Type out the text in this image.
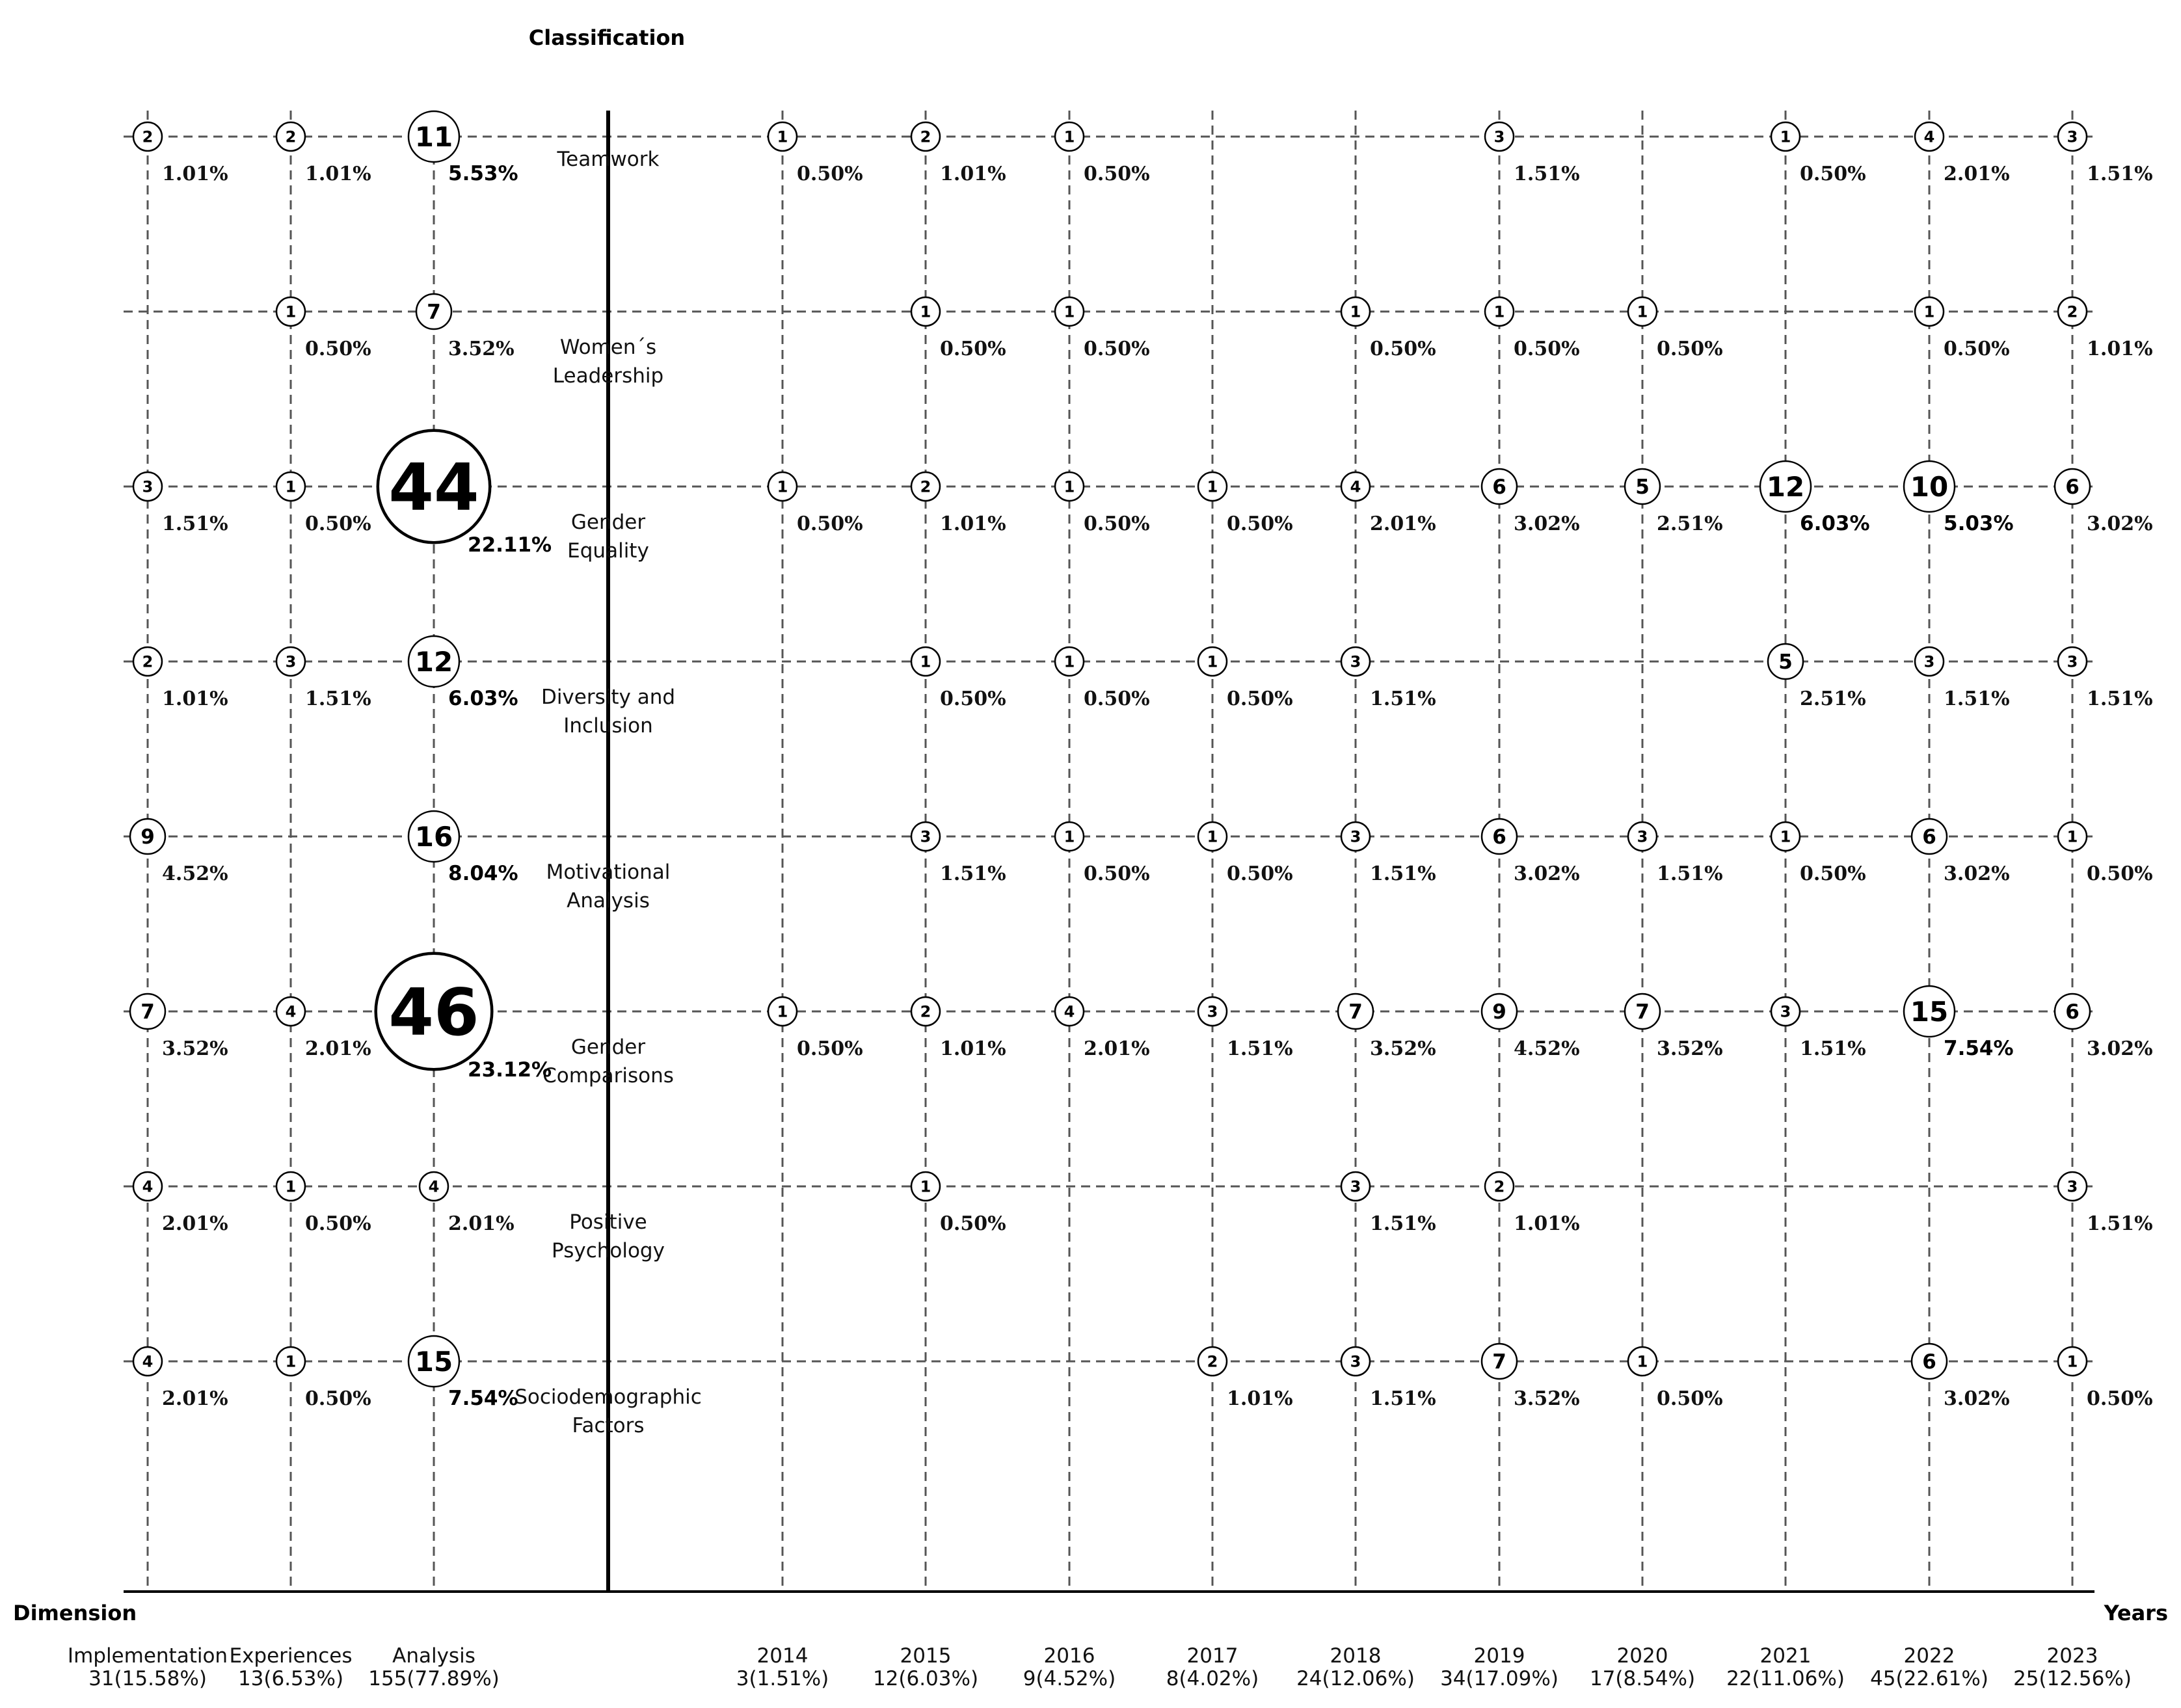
Classification
Teamwork
Women´s
Leadership
Gender
Equality
Diversity and
Inclusion
Motivational
Analysis
Gender
Comparisons
Positive
Psychology
Sociodemographic
Factors
2
1.01%
2
1.01%
11
5.53%
1
0.50%
7
3.52%
3
1.51%
1
0.50% 44
22.11%
2
1.01%
3
1.51%
12
6.03%
9
4.52%
16
8.04%
7
3.52%
4
2.01% 46
23.12%
4
2.01%
1
0.50%
4
2.01%
4
2.01%
1
0.50%
15
7.54%
1
0.50%
2
1.01%
1
0.50%
3
1.51%
1
0.50%
4
2.01%
3
1.51%
1
0.50%
1
0.50%
1
0.50%
1
0.50%
1
0.50%
1
0.50%
2
1.01%
1
0.50%
2
1.01%
1
0.50%
1
0.50%
4
2.01%
6
3.02%
5
2.51%
12
6.03%
10
5.03%
6
3.02%
1
0.50%
1
0.50%
1
0.50%
3
1.51%
5
2.51%
3
1.51%
3
1.51%
3
1.51%
1
0.50%
1
0.50%
3
1.51%
6
3.02%
3
1.51%
1
0.50%
6
3.02%
1
0.50%
1
0.50%
2
1.01%
4
2.01%
3
1.51%
7
3.52%
9
4.52%
7
3.52%
3
1.51%
15
7.54%
6
3.02%
1
0.50%
3
1.51%
2
1.01%
3
1.51%
2
1.01%
3
1.51%
7
3.52%
1
0.50%
6
3.02%
1
0.50%
Implementation
31(15.58%)
Experiences
13(6.53%)
Analysis
155(77.89%)
2014
3(1.51%)
2015
12(6.03%)
2016
9(4.52%)
2017
8(4.02%)
2018
24(12.06%)
2019
34(17.09%)
2020
17(8.54%)
2021
22(11.06%)
2022
45(22.61%)
2023
25(12.56%)
Dimension	Years
